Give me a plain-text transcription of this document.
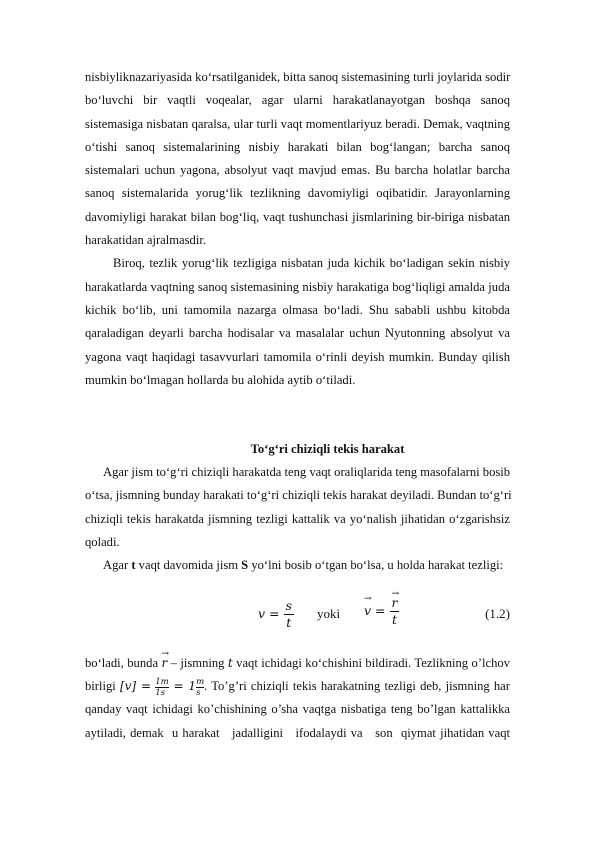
nisbiyliknazariyasida ko‘rsatilganidek, bitta sanoq sistemasining turli joylarida sodir
bo‘luvchi bir vaqtli voqealar, agar ularni harakatlanayotgan boshqa sanoq
sistemasiga nisbatan qaralsa, ular turli vaqt momentlariyuz beradi. Demak, vaqtning
o‘tishi sanoq sistemalarining nisbiy harakati bilan bog‘langan; barcha sanoq
sistemalari uchun yagona, absolyut vaqt mavjud emas. Bu barcha holatlar barcha
sanoq sistemalarida yorug‘lik tezlikning davomiyligi oqibatidir. Jarayonlarning
davomiyligi harakat bilan bog‘liq, vaqt tushunchasi jismlarining bir-biriga nisbatan
harakatidan ajralmasdir.
Biroq, tezlik yorug‘lik tezligiga nisbatan juda kichik bo‘ladigan sekin nisbiy
harakatlarda vaqtning sanoq sistemasining nisbiy harakatiga bog‘liqligi amalda juda
kichik bo‘lib, uni tamomila nazarga olmasa bo‘ladi. Shu sababli ushbu kitobda
qaraladigan deyarli barcha hodisalar va masalalar uchun Nyutonning absolyut va
yagona vaqt haqidagi tasavvurlari tamomila o‘rinli deyish mumkin. Bunday qilish
mumkin bo‘lmagan hollarda bu alohida aytib o‘tiladi.
To‘g‘ri chiziqli tekis harakat
Agar jism to‘g‘ri chiziqli harakatda teng vaqt oraliqlarida teng masofalarni bosib
o‘tsa, jismning bunday harakati to‘g‘ri chiziqli tekis harakat deyiladi. Bundan to‘g‘ri
chiziqli tekis harakatda jismning tezligi kattalik va yo‘nalish jihatidan o‘zgarishsiz
qoladi.
Agar t vaqt davomida jism S yo‘lni bosib o‘tgan bo‘lsa, u holda harakat tezligi:
$v = \frac{s}{t}$ yoki → v = → $\frac{r}{t}$	(1.2)
bo‘ladi, bunda → r – jismning t vaqt ichidagi ko‘chishini bildiradi. Tezlikning o’lchov
birligi $[v] = \frac{1m}{1s} = 1 \frac{m}{s}$ . To’g’ri chiziqli tekis harakatning tezligi deb, jismning har
qanday vaqt ichidagi ko’chishining o’sha vaqtga nisbatiga teng bo’lgan kattalikka
aytiladi, demak  u harakat   jadalligini   ifodalaydi va   son  qiymat jihatidan vaqt
